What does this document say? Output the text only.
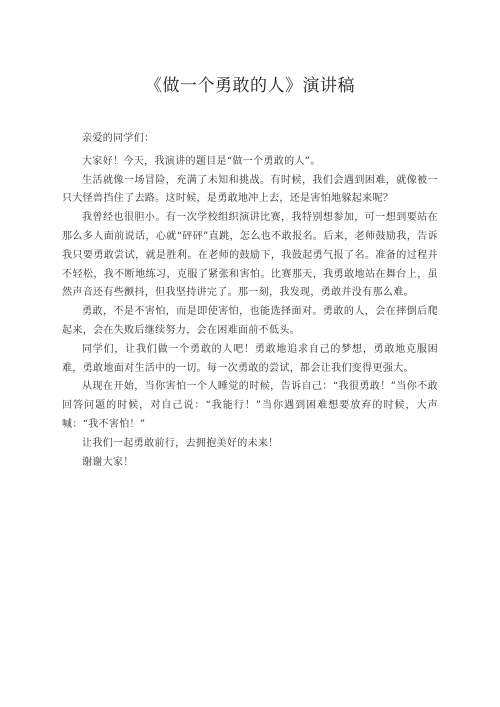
《做一个勇敢的人》演讲稿

亲爱的同学们：

大家好！今天，我演讲的题目是“做一个勇敢的人”。

生活就像一场冒险，充满了未知和挑战。有时候，我们会遇到困难，就像被一只大怪兽挡住了去路。这时候，是勇敢地冲上去，还是害怕地躲起来呢？

我曾经也很胆小。有一次学校组织演讲比赛，我特别想参加，可一想到要站在那么多人面前说话，心就“砰砰”直跳，怎么也不敢报名。后来，老师鼓励我，告诉我只要勇敢尝试，就是胜利。在老师的鼓励下，我鼓起勇气报了名。准备的过程并不轻松，我不断地练习，克服了紧张和害怕。比赛那天，我勇敢地站在舞台上，虽然声音还有些颤抖，但我坚持讲完了。那一刻，我发现，勇敢并没有那么难。

勇敢，不是不害怕，而是即使害怕，也能选择面对。勇敢的人，会在摔倒后爬起来，会在失败后继续努力，会在困难面前不低头。

同学们，让我们做一个勇敢的人吧！勇敢地追求自己的梦想，勇敢地克服困难，勇敢地面对生活中的一切。每一次勇敢的尝试，都会让我们变得更强大。

从现在开始，当你害怕一个人睡觉的时候，告诉自己：“我很勇敢！”当你不敢回答问题的时候，对自己说：“我能行！”当你遇到困难想要放弃的时候，大声喊：“我不害怕！”

让我们一起勇敢前行，去拥抱美好的未来！

谢谢大家！
